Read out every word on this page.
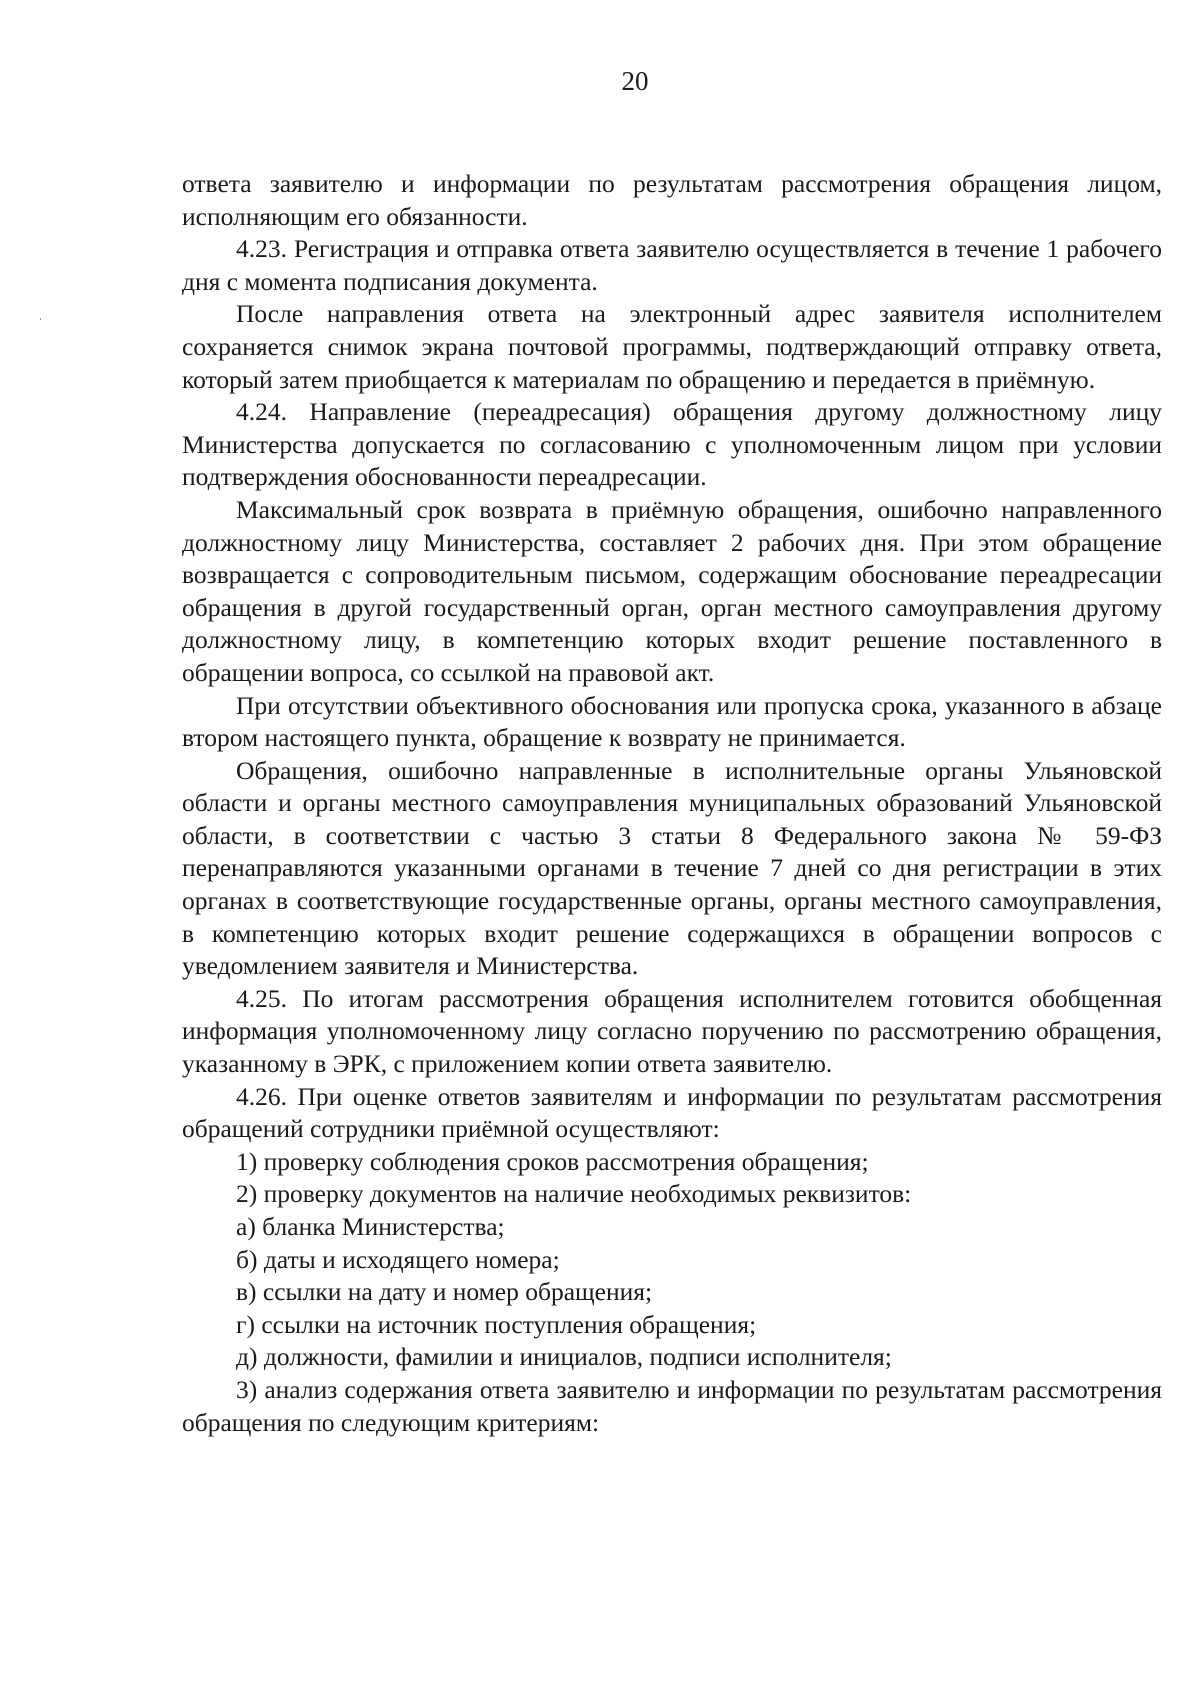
20

ответа заявителю и информации по результатам рассмотрения обращения лицом, исполняющим его обязанности.

4.23. Регистрация и отправка ответа заявителю осуществляется в течение 1 рабочего дня с момента подписания документа.

После направления ответа на электронный адрес заявителя исполнителем сохраняется снимок экрана почтовой программы, подтверждающий отправку ответа, который затем приобщается к материалам по обращению и передается в приёмную.

4.24. Направление (переадресация) обращения другому должностному лицу Министерства допускается по согласованию с уполномоченным лицом при условии подтверждения обоснованности переадресации.

Максимальный срок возврата в приёмную обращения, ошибочно направленного должностному лицу Министерства, составляет 2 рабочих дня. При этом обращение возвращается с сопроводительным письмом, содержащим обоснование переадресации обращения в другой государственный орган, орган местного самоуправления другому должностному лицу, в компетенцию которых входит решение поставленного в обращении вопроса, со ссылкой на правовой акт.

При отсутствии объективного обоснования или пропуска срока, указанного в абзаце втором настоящего пункта, обращение к возврату не принимается.

Обращения, ошибочно направленные в исполнительные органы Ульяновской области и органы местного самоуправления муниципальных образований Ульяновской области, в соответствии с частью 3 статьи 8 Федерального закона № 59-ФЗ перенаправляются указанными органами в течение 7 дней со дня регистрации в этих органах в соответствующие государственные органы, органы местного самоуправления, в компетенцию которых входит решение содержащихся в обращении вопросов с уведомлением заявителя и Министерства.

4.25. По итогам рассмотрения обращения исполнителем готовится обобщенная информация уполномоченному лицу согласно поручению по рассмотрению обращения, указанному в ЭРК, с приложением копии ответа заявителю.

4.26. При оценке ответов заявителям и информации по результатам рассмотрения обращений сотрудники приёмной осуществляют:

1) проверку соблюдения сроков рассмотрения обращения;

2) проверку документов на наличие необходимых реквизитов:

а) бланка Министерства;

б) даты и исходящего номера;

в) ссылки на дату и номер обращения;

г) ссылки на источник поступления обращения;

д) должности, фамилии и инициалов, подписи исполнителя;

3) анализ содержания ответа заявителю и информации по результатам рассмотрения обращения по следующим критериям:
